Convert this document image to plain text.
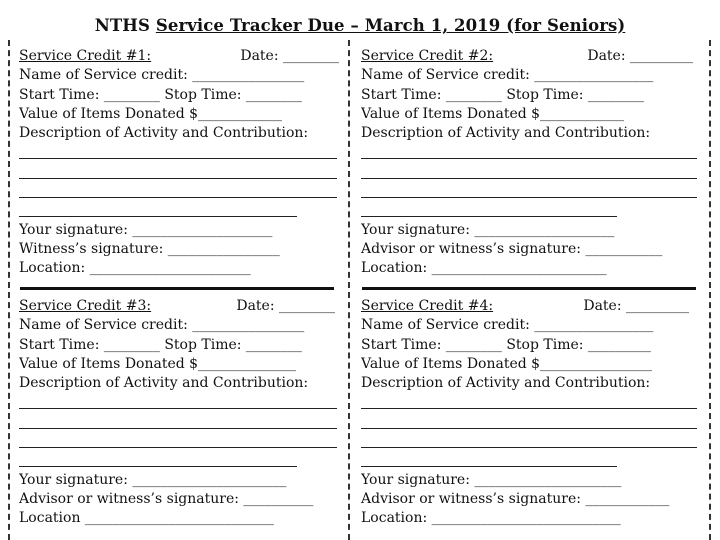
NTHS Service Tracker Due – March 1, 2019 (for Seniors)
Service Credit #1:	Date: ________
Name of Service credit: ________________
Start Time: ________ Stop Time: ________
Value of Items Donated $____________
Description of Activity and Contribution:
Your signature: ____________________
Witness’s signature: ________________
Location: _______________________
Service Credit #2:	Date: _________
Name of Service credit: _________________
Start Time: ________ Stop Time: ________
Value of Items Donated $____________
Description of Activity and Contribution:
Your signature: ____________________
Advisor or witness’s signature: ___________
Location: _________________________
Service Credit #3:	Date: ________
Name of Service credit: ________________
Start Time: ________ Stop Time: ________
Value of Items Donated $______________
Description of Activity and Contribution:
Your signature: ______________________
Advisor or witness’s signature: __________
Location ___________________________
Service Credit #4:	Date: _________
Name of Service credit: _________________
Start Time: ________ Stop Time: _________
Value of Items Donated $________________
Description of Activity and Contribution:
Your signature: _____________________
Advisor or witness’s signature: ____________
Location: ___________________________
